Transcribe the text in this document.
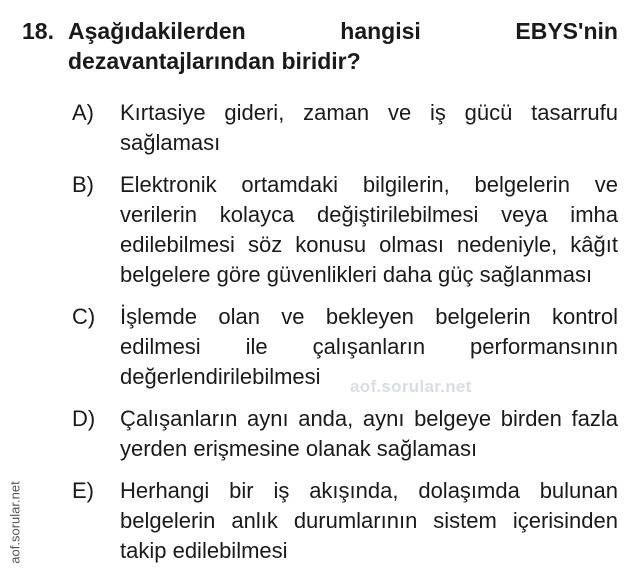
18. Aşağıdakilerden	hangisi	EBYS'nin
dezavantajlarından biridir?
A)	Kırtasiye gideri, zaman ve iş gücü tasarrufu sağlaması
B)	Elektronik ortamdaki bilgilerin, belgelerin ve verilerin kolayca değiştirilebilmesi veya imha edilebilmesi söz konusu olması nedeniyle, kâğıt belgelere göre güvenlikleri daha güç sağlanması
C)	İşlemde olan ve bekleyen belgelerin kontrol edilmesi ile çalışanların performansının değerlendirilebilmesi
D)	Çalışanların aynı anda, aynı belgeye birden fazla yerden erişmesine olanak sağlaması
E)	Herhangi bir iş akışında, dolaşımda bulunan belgelerin anlık durumlarının sistem içerisinden takip edilebilmesi
aof.sorular.net
aof.sorular.net
